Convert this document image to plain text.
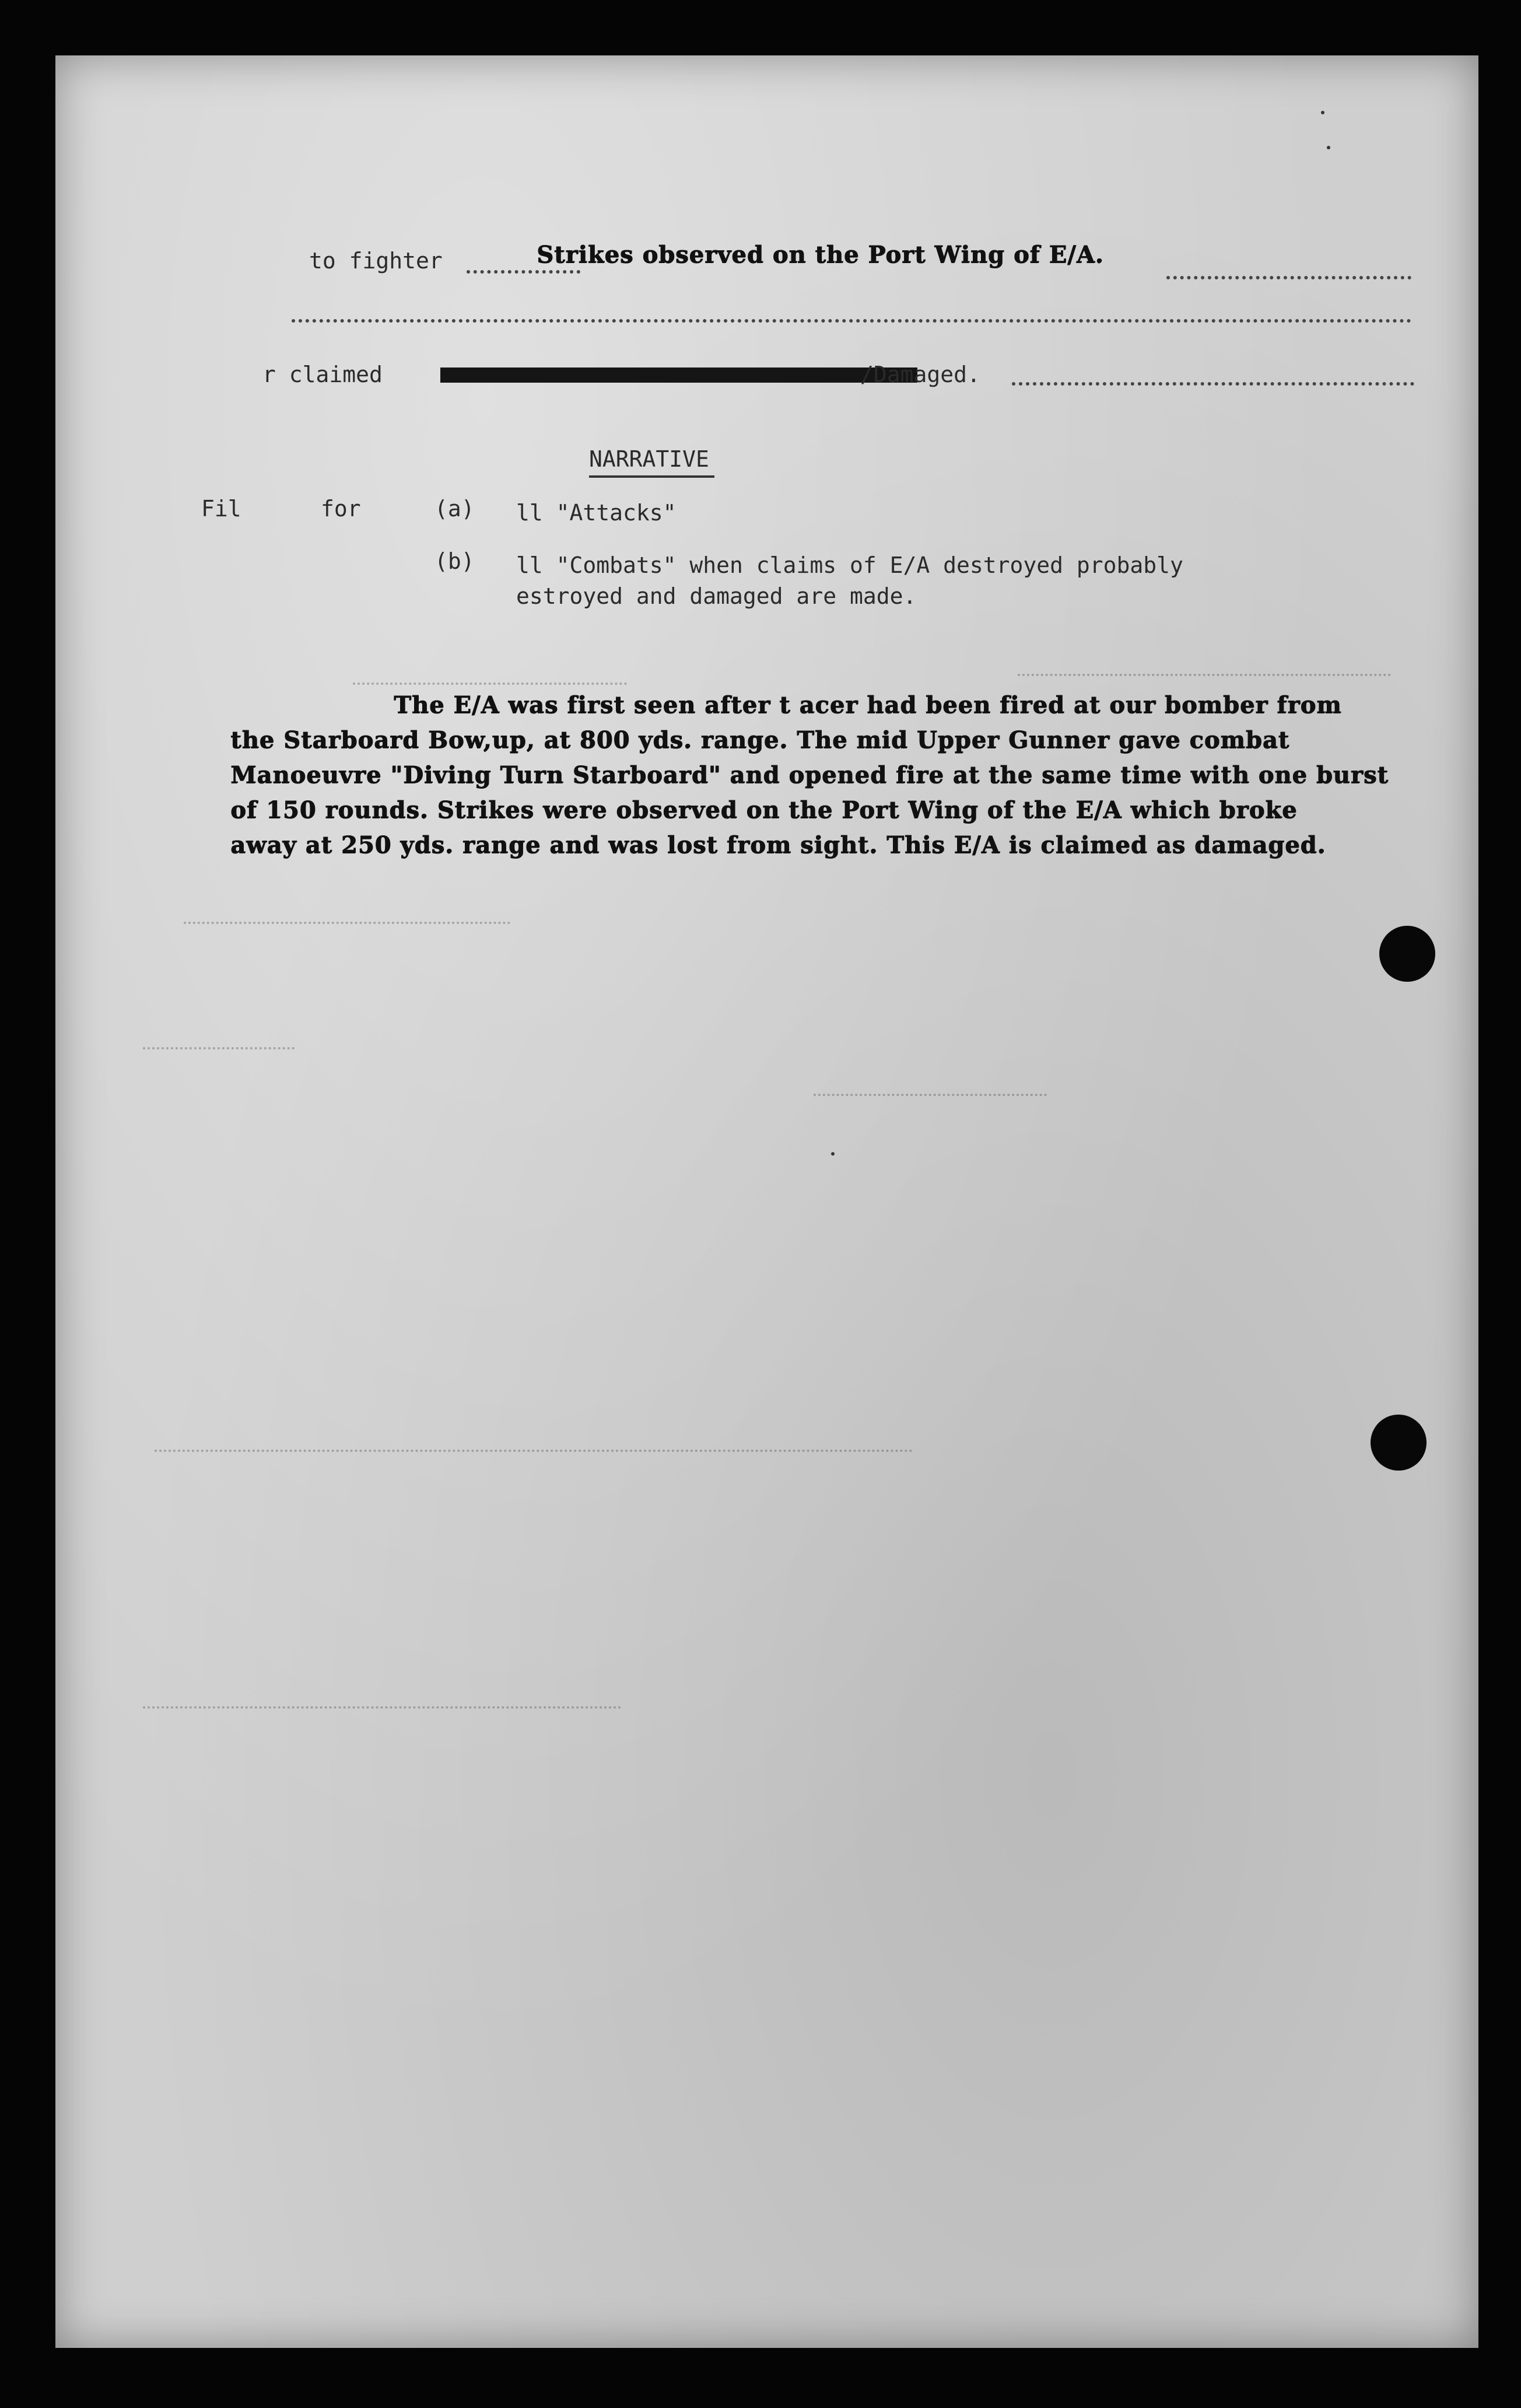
to fighter	Strikes observed on the Port Wing of E/A.
r claimed	/Damaged.
NARRATIVE
Fil	for	(a) ll "Attacks"
(b) ll "Combats" when claims of E/A destroyed probably
estroyed and damaged are made.
The E/A was first seen after t acer had been fired at our bomber from
the Starboard Bow,up, at 800 yds. range. The mid Upper Gunner gave combat
Manoeuvre "Diving Turn Starboard" and opened fire at the same time with one burst
of 150 rounds. Strikes were observed on the Port Wing of the E/A which broke
away at 250 yds. range and was lost from sight. This E/A is claimed as damaged.
